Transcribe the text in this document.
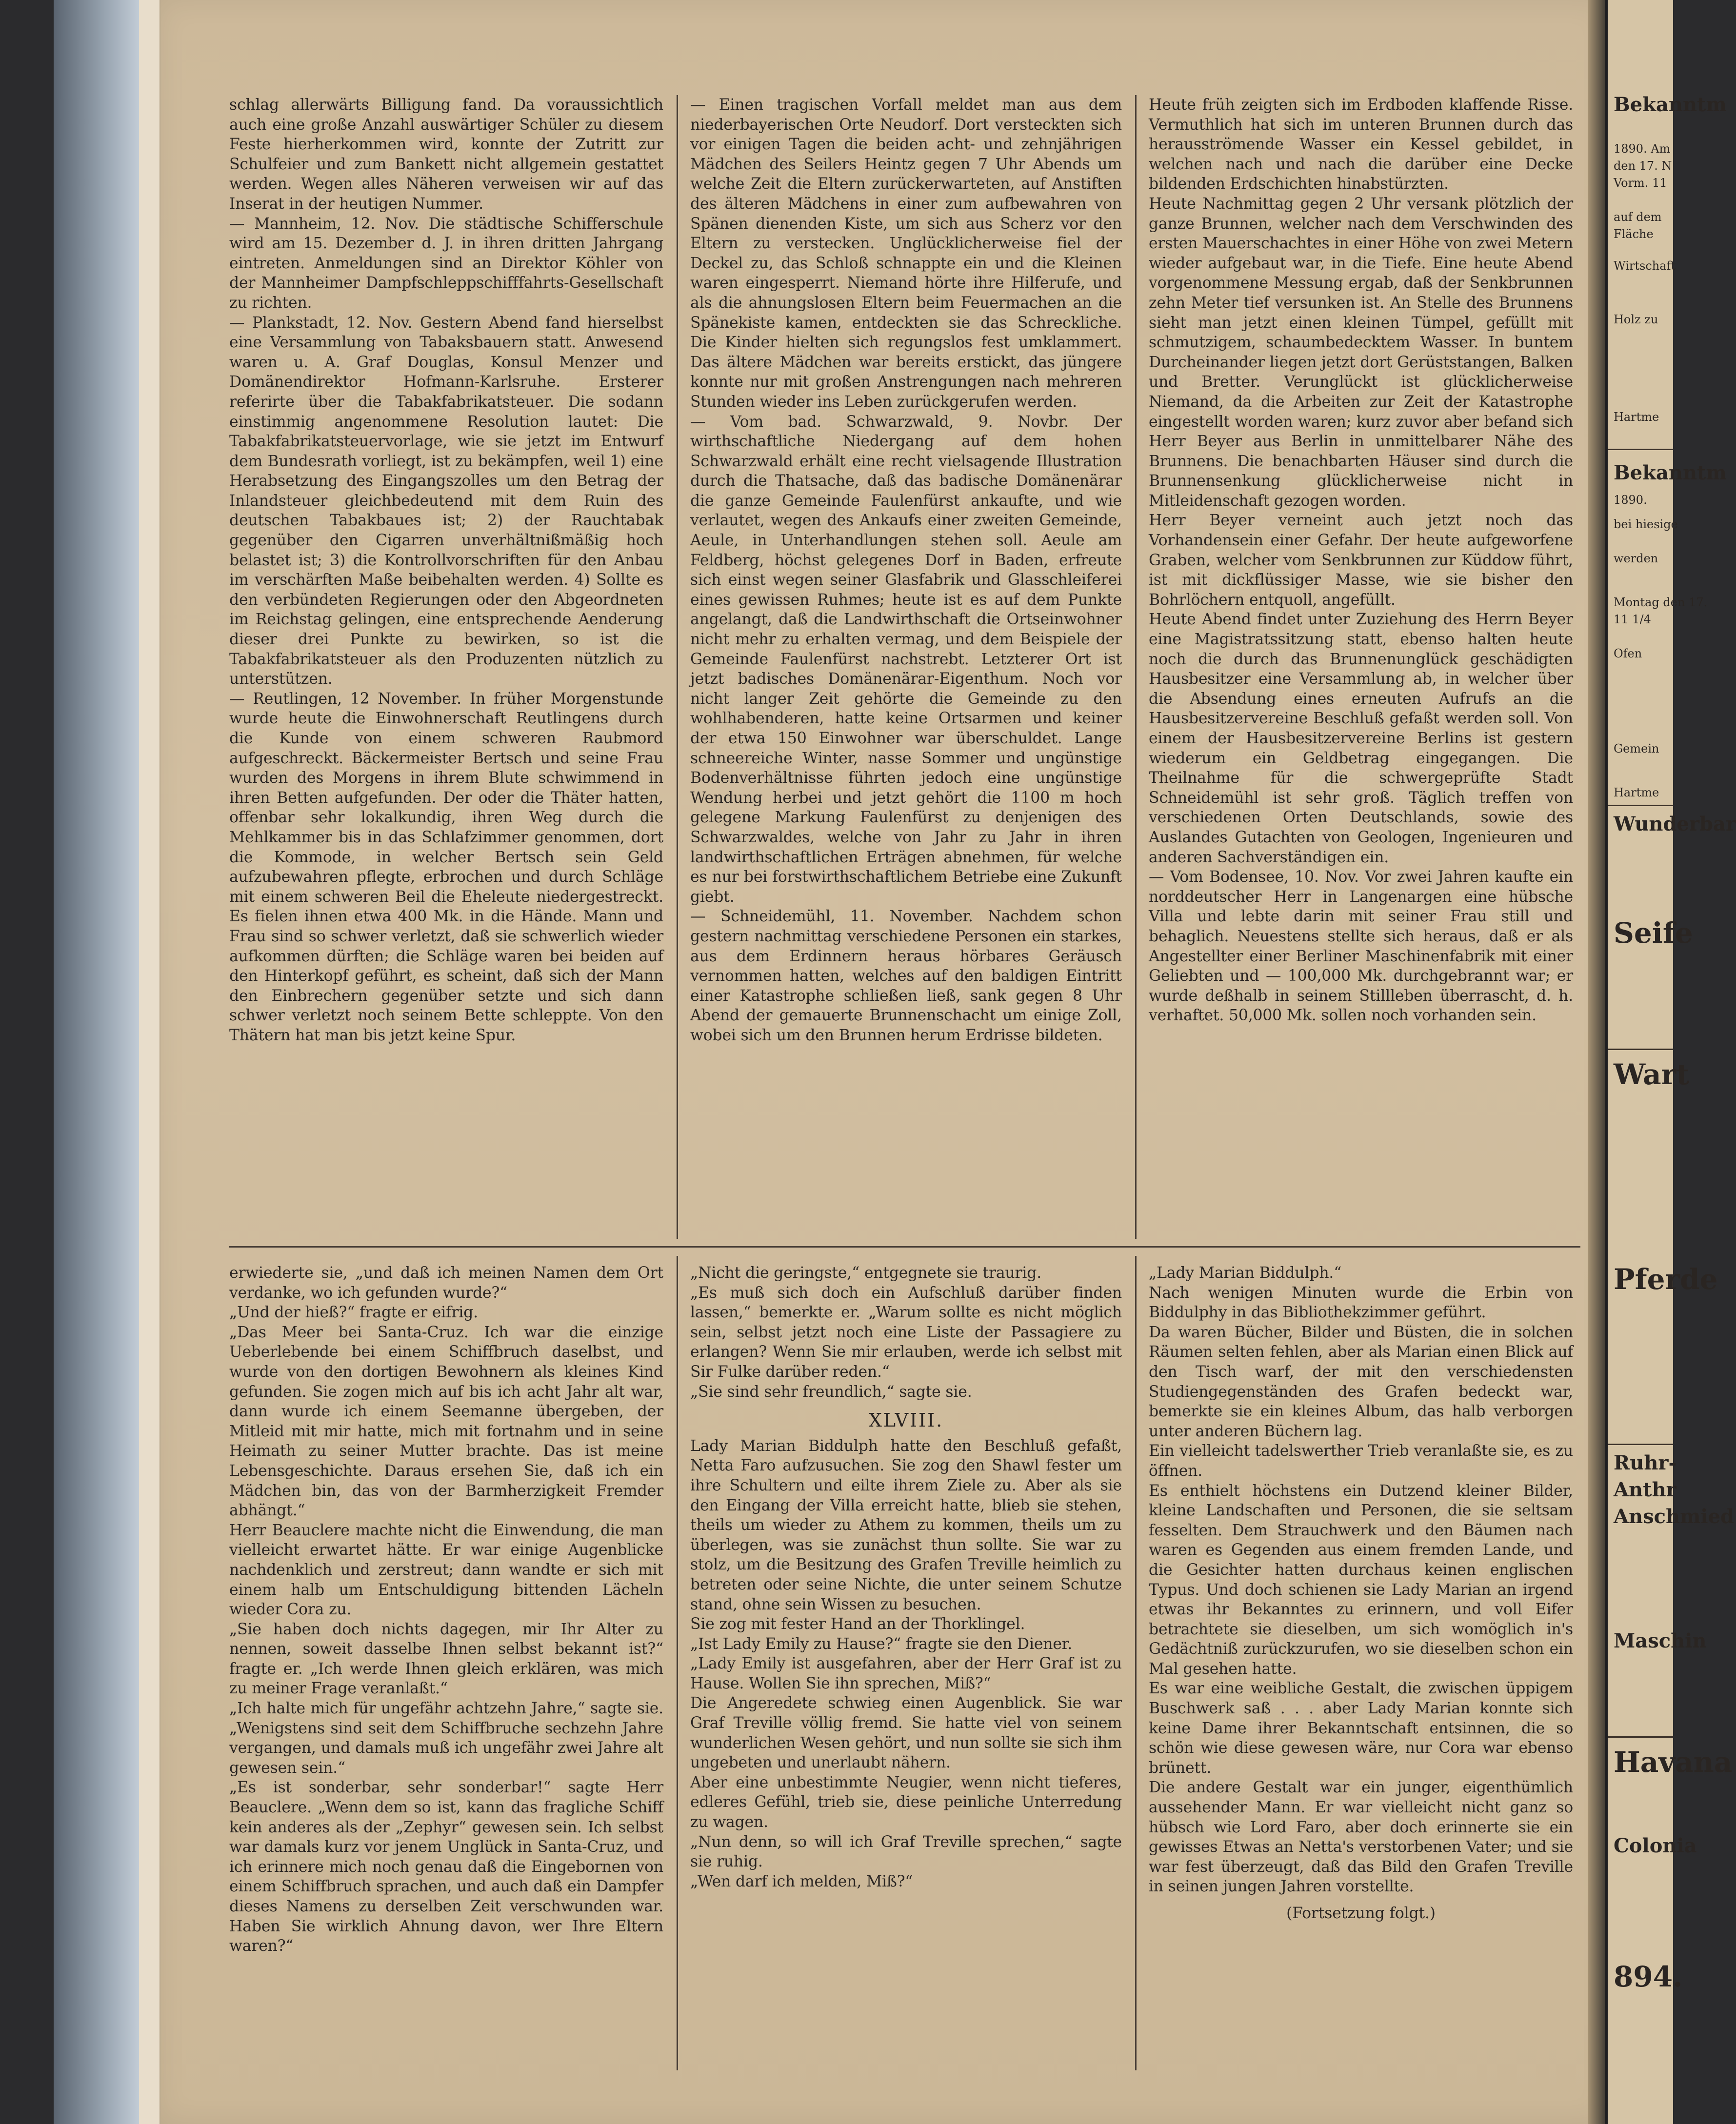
schlag allerwärts Billigung fand. Da voraussichtlich auch eine große Anzahl auswärtiger Schüler zu diesem Feste hierherkommen wird, konnte der Zutritt zur Schulfeier und zum Bankett nicht allgemein gestattet werden. Wegen alles Näheren verweisen wir auf das Inserat in der heutigen Nummer.

— Mannheim, 12. Nov. Die städtische Schifferschule wird am 15. Dezember d. J. in ihren dritten Jahrgang eintreten. Anmeldungen sind an Direktor Köhler von der Mannheimer Dampfschleppschifffahrts-Gesellschaft zu richten.

— Plankstadt, 12. Nov. Gestern Abend fand hierselbst eine Versammlung von Tabaksbauern statt. Anwesend waren u. A. Graf Douglas, Konsul Menzer und Domänendirektor Hofmann-Karlsruhe. Ersterer referirte über die Tabakfabrikatsteuer. Die sodann einstimmig angenommene Resolution lautet: Die Tabakfabrikatsteuervorlage, wie sie jetzt im Entwurf dem Bundesrath vorliegt, ist zu bekämpfen, weil 1) eine Herabsetzung des Eingangszolles um den Betrag der Inlandsteuer gleichbedeutend mit dem Ruin des deutschen Tabakbaues ist; 2) der Rauchtabak gegenüber den Cigarren unverhältnißmäßig hoch belastet ist; 3) die Kontrollvorschriften für den Anbau im verschärften Maße beibehalten werden. 4) Sollte es den verbündeten Regierungen oder den Abgeordneten im Reichstag gelingen, eine entsprechende Aenderung dieser drei Punkte zu bewirken, so ist die Tabakfabrikatsteuer als den Produzenten nützlich zu unterstützen.

— Reutlingen, 12 November. In früher Morgenstunde wurde heute die Einwohnerschaft Reutlingens durch die Kunde von einem schweren Raubmord aufgeschreckt. Bäckermeister Bertsch und seine Frau wurden des Morgens in ihrem Blute schwimmend in ihren Betten aufgefunden. Der oder die Thäter hatten, offenbar sehr lokalkundig, ihren Weg durch die Mehlkammer bis in das Schlafzimmer genommen, dort die Kommode, in welcher Bertsch sein Geld aufzubewahren pflegte, erbrochen und durch Schläge mit einem schweren Beil die Eheleute niedergestreckt. Es fielen ihnen etwa 400 Mk. in die Hände. Mann und Frau sind so schwer verletzt, daß sie schwerlich wieder aufkommen dürften; die Schläge waren bei beiden auf den Hinterkopf geführt, es scheint, daß sich der Mann den Einbrechern gegenüber setzte und sich dann schwer verletzt noch seinem Bette schleppte. Von den Thätern hat man bis jetzt keine Spur.

— Einen tragischen Vorfall meldet man aus dem niederbayerischen Orte Neudorf. Dort versteckten sich vor einigen Tagen die beiden acht- und zehnjährigen Mädchen des Seilers Heintz gegen 7 Uhr Abends um welche Zeit die Eltern zurückerwarteten, auf Anstiften des älteren Mädchens in einer zum aufbewahren von Spänen dienenden Kiste, um sich aus Scherz vor den Eltern zu verstecken. Unglücklicherweise fiel der Deckel zu, das Schloß schnappte ein und die Kleinen waren eingesperrt. Niemand hörte ihre Hilferufe, und als die ahnungslosen Eltern beim Feuermachen an die Spänekiste kamen, entdeckten sie das Schreckliche. Die Kinder hielten sich regungslos fest umklammert. Das ältere Mädchen war bereits erstickt, das jüngere konnte nur mit großen Anstrengungen nach mehreren Stunden wieder ins Leben zurückgerufen werden.

— Vom bad. Schwarzwald, 9. Novbr. Der wirthschaftliche Niedergang auf dem hohen Schwarzwald erhält eine recht vielsagende Illustration durch die Thatsache, daß das badische Domänenärar die ganze Gemeinde Faulenfürst ankaufte, und wie verlautet, wegen des Ankaufs einer zweiten Gemeinde, Aeule, in Unterhandlungen stehen soll. Aeule am Feldberg, höchst gelegenes Dorf in Baden, erfreute sich einst wegen seiner Glasfabrik und Glasschleiferei eines gewissen Ruhmes; heute ist es auf dem Punkte angelangt, daß die Landwirthschaft die Ortseinwohner nicht mehr zu erhalten vermag, und dem Beispiele der Gemeinde Faulenfürst nachstrebt. Letzterer Ort ist jetzt badisches Domänenärar-Eigenthum. Noch vor nicht langer Zeit gehörte die Gemeinde zu den wohlhabenderen, hatte keine Ortsarmen und keiner der etwa 150 Einwohner war überschuldet. Lange schneereiche Winter, nasse Sommer und ungünstige Bodenverhältnisse führten jedoch eine ungünstige Wendung herbei und jetzt gehört die 1100 m hoch gelegene Markung Faulenfürst zu denjenigen des Schwarzwaldes, welche von Jahr zu Jahr in ihren landwirthschaftlichen Erträgen abnehmen, für welche es nur bei forstwirthschaftlichem Betriebe eine Zukunft giebt.

— Schneidemühl, 11. November. Nachdem schon gestern nachmittag verschiedene Personen ein starkes, aus dem Erdinnern heraus hörbares Geräusch vernommen hatten, welches auf den baldigen Eintritt einer Katastrophe schließen ließ, sank gegen 8 Uhr Abend der gemauerte Brunnenschacht um einige Zoll, wobei sich um den Brunnen herum Erdrisse bildeten.

Heute früh zeigten sich im Erdboden klaffende Risse. Vermuthlich hat sich im unteren Brunnen durch das herausströmende Wasser ein Kessel gebildet, in welchen nach und nach die darüber eine Decke bildenden Erdschichten hinabstürzten.

Heute Nachmittag gegen 2 Uhr versank plötzlich der ganze Brunnen, welcher nach dem Verschwinden des ersten Mauerschachtes in einer Höhe von zwei Metern wieder aufgebaut war, in die Tiefe. Eine heute Abend vorgenommene Messung ergab, daß der Senkbrunnen zehn Meter tief versunken ist. An Stelle des Brunnens sieht man jetzt einen kleinen Tümpel, gefüllt mit schmutzigem, schaumbedecktem Wasser. In buntem Durcheinander liegen jetzt dort Gerüststangen, Balken und Bretter. Verunglückt ist glücklicherweise Niemand, da die Arbeiten zur Zeit der Katastrophe eingestellt worden waren; kurz zuvor aber befand sich Herr Beyer aus Berlin in unmittelbarer Nähe des Brunnens. Die benachbarten Häuser sind durch die Brunnensenkung glücklicherweise nicht in Mitleidenschaft gezogen worden.

Herr Beyer verneint auch jetzt noch das Vorhandensein einer Gefahr. Der heute aufgeworfene Graben, welcher vom Senkbrunnen zur Küddow führt, ist mit dickflüssiger Masse, wie sie bisher den Bohrlöchern entquoll, angefüllt.

Heute Abend findet unter Zuziehung des Herrn Beyer eine Magistratssitzung statt, ebenso halten heute noch die durch das Brunnenunglück geschädigten Hausbesitzer eine Versammlung ab, in welcher über die Absendung eines erneuten Aufrufs an die Hausbesitzervereine Beschluß gefaßt werden soll. Von einem der Hausbesitzervereine Berlins ist gestern wiederum ein Geldbetrag eingegangen. Die Theilnahme für die schwergeprüfte Stadt Schneidemühl ist sehr groß. Täglich treffen von verschiedenen Orten Deutschlands, sowie des Auslandes Gutachten von Geologen, Ingenieuren und anderen Sachverständigen ein.

— Vom Bodensee, 10. Nov. Vor zwei Jahren kaufte ein norddeutscher Herr in Langenargen eine hübsche Villa und lebte darin mit seiner Frau still und behaglich. Neuestens stellte sich heraus, daß er als Angestellter einer Berliner Maschinenfabrik mit einer Geliebten und — 100,000 Mk. durchgebrannt war; er wurde deßhalb in seinem Stillleben überrascht, d. h. verhaftet. 50,000 Mk. sollen noch vorhanden sein.

erwiederte sie, „und daß ich meinen Namen dem Ort verdanke, wo ich gefunden wurde?“

„Und der hieß?“ fragte er eifrig.

„Das Meer bei Santa-Cruz. Ich war die einzige Ueberlebende bei einem Schiffbruch daselbst, und wurde von den dortigen Bewohnern als kleines Kind gefunden. Sie zogen mich auf bis ich acht Jahr alt war, dann wurde ich einem Seemanne übergeben, der Mitleid mit mir hatte, mich mit fortnahm und in seine Heimath zu seiner Mutter brachte. Das ist meine Lebensgeschichte. Daraus ersehen Sie, daß ich ein Mädchen bin, das von der Barmherzigkeit Fremder abhängt.“

Herr Beauclere machte nicht die Einwendung, die man vielleicht erwartet hätte. Er war einige Augenblicke nachdenklich und zerstreut; dann wandte er sich mit einem halb um Entschuldigung bittenden Lächeln wieder Cora zu.

„Sie haben doch nichts dagegen, mir Ihr Alter zu nennen, soweit dasselbe Ihnen selbst bekannt ist?“ fragte er. „Ich werde Ihnen gleich erklären, was mich zu meiner Frage veranlaßt.“

„Ich halte mich für ungefähr achtzehn Jahre,“ sagte sie. „Wenigstens sind seit dem Schiffbruche sechzehn Jahre vergangen, und damals muß ich ungefähr zwei Jahre alt gewesen sein.“

„Es ist sonderbar, sehr sonderbar!“ sagte Herr Beauclere. „Wenn dem so ist, kann das fragliche Schiff kein anderes als der „Zephyr“ gewesen sein. Ich selbst war damals kurz vor jenem Unglück in Santa-Cruz, und ich erinnere mich noch genau daß die Eingebornen von einem Schiffbruch sprachen, und auch daß ein Dampfer dieses Namens zu derselben Zeit verschwunden war. Haben Sie wirklich Ahnung davon, wer Ihre Eltern waren?“

„Nicht die geringste,“ entgegnete sie traurig.

„Es muß sich doch ein Aufschluß darüber finden lassen,“ bemerkte er. „Warum sollte es nicht möglich sein, selbst jetzt noch eine Liste der Passagiere zu erlangen? Wenn Sie mir erlauben, werde ich selbst mit Sir Fulke darüber reden.“

„Sie sind sehr freundlich,“ sagte sie.

XLVIII.

Lady Marian Biddulph hatte den Beschluß gefaßt, Netta Faro aufzusuchen. Sie zog den Shawl fester um ihre Schultern und eilte ihrem Ziele zu. Aber als sie den Eingang der Villa erreicht hatte, blieb sie stehen, theils um wieder zu Athem zu kommen, theils um zu überlegen, was sie zunächst thun sollte. Sie war zu stolz, um die Besitzung des Grafen Treville heimlich zu betreten oder seine Nichte, die unter seinem Schutze stand, ohne sein Wissen zu besuchen.

Sie zog mit fester Hand an der Thorklingel.

„Ist Lady Emily zu Hause?“ fragte sie den Diener.

„Lady Emily ist ausgefahren, aber der Herr Graf ist zu Hause. Wollen Sie ihn sprechen, Miß?“

Die Angeredete schwieg einen Augenblick. Sie war Graf Treville völlig fremd. Sie hatte viel von seinem wunderlichen Wesen gehört, und nun sollte sie sich ihm ungebeten und unerlaubt nähern.

Aber eine unbestimmte Neugier, wenn nicht tieferes, edleres Gefühl, trieb sie, diese peinliche Unterredung zu wagen.

„Nun denn, so will ich Graf Treville sprechen,“ sagte sie ruhig.

„Wen darf ich melden, Miß?“

„Lady Marian Biddulph.“

Nach wenigen Minuten wurde die Erbin von Biddulphy in das Bibliothekzimmer geführt.

Da waren Bücher, Bilder und Büsten, die in solchen Räumen selten fehlen, aber als Marian einen Blick auf den Tisch warf, der mit den verschiedensten Studiengegenständen des Grafen bedeckt war, bemerkte sie ein kleines Album, das halb verborgen unter anderen Büchern lag.

Ein vielleicht tadelswerther Trieb veranlaßte sie, es zu öffnen.

Es enthielt höchstens ein Dutzend kleiner Bilder, kleine Landschaften und Personen, die sie seltsam fesselten. Dem Strauchwerk und den Bäumen nach waren es Gegenden aus einem fremden Lande, und die Gesichter hatten durchaus keinen englischen Typus. Und doch schienen sie Lady Marian an irgend etwas ihr Bekanntes zu erinnern, und voll Eifer betrachtete sie dieselben, um sich womöglich in's Gedächtniß zurückzurufen, wo sie dieselben schon ein Mal gesehen hatte.

Es war eine weibliche Gestalt, die zwischen üppigem Buschwerk saß . . . aber Lady Marian konnte sich keine Dame ihrer Bekanntschaft entsinnen, die so schön wie diese gewesen wäre, nur Cora war ebenso brünett.

Die andere Gestalt war ein junger, eigenthümlich aussehender Mann. Er war vielleicht nicht ganz so hübsch wie Lord Faro, aber doch erinnerte sie ein gewisses Etwas an Netta's verstorbenen Vater; und sie war fest überzeugt, daß das Bild den Grafen Treville in seinen jungen Jahren vorstellte.

(Fortsetzung folgt.)

Bekanntm
1890. Am
den 17. N
Vorm. 11
auf dem
Fläche
Wirtschaft
Holz zu
Hartme
Bekanntm
1890.
bei hiesige
werden
Montag den 17.
11 1/4
Ofen
Gemein
Hartme
Wunderbar
Seife
Wart
Pferde
Ruhr-
Anthr
Anschmied
Maschin
Havana
Colonia
894.
